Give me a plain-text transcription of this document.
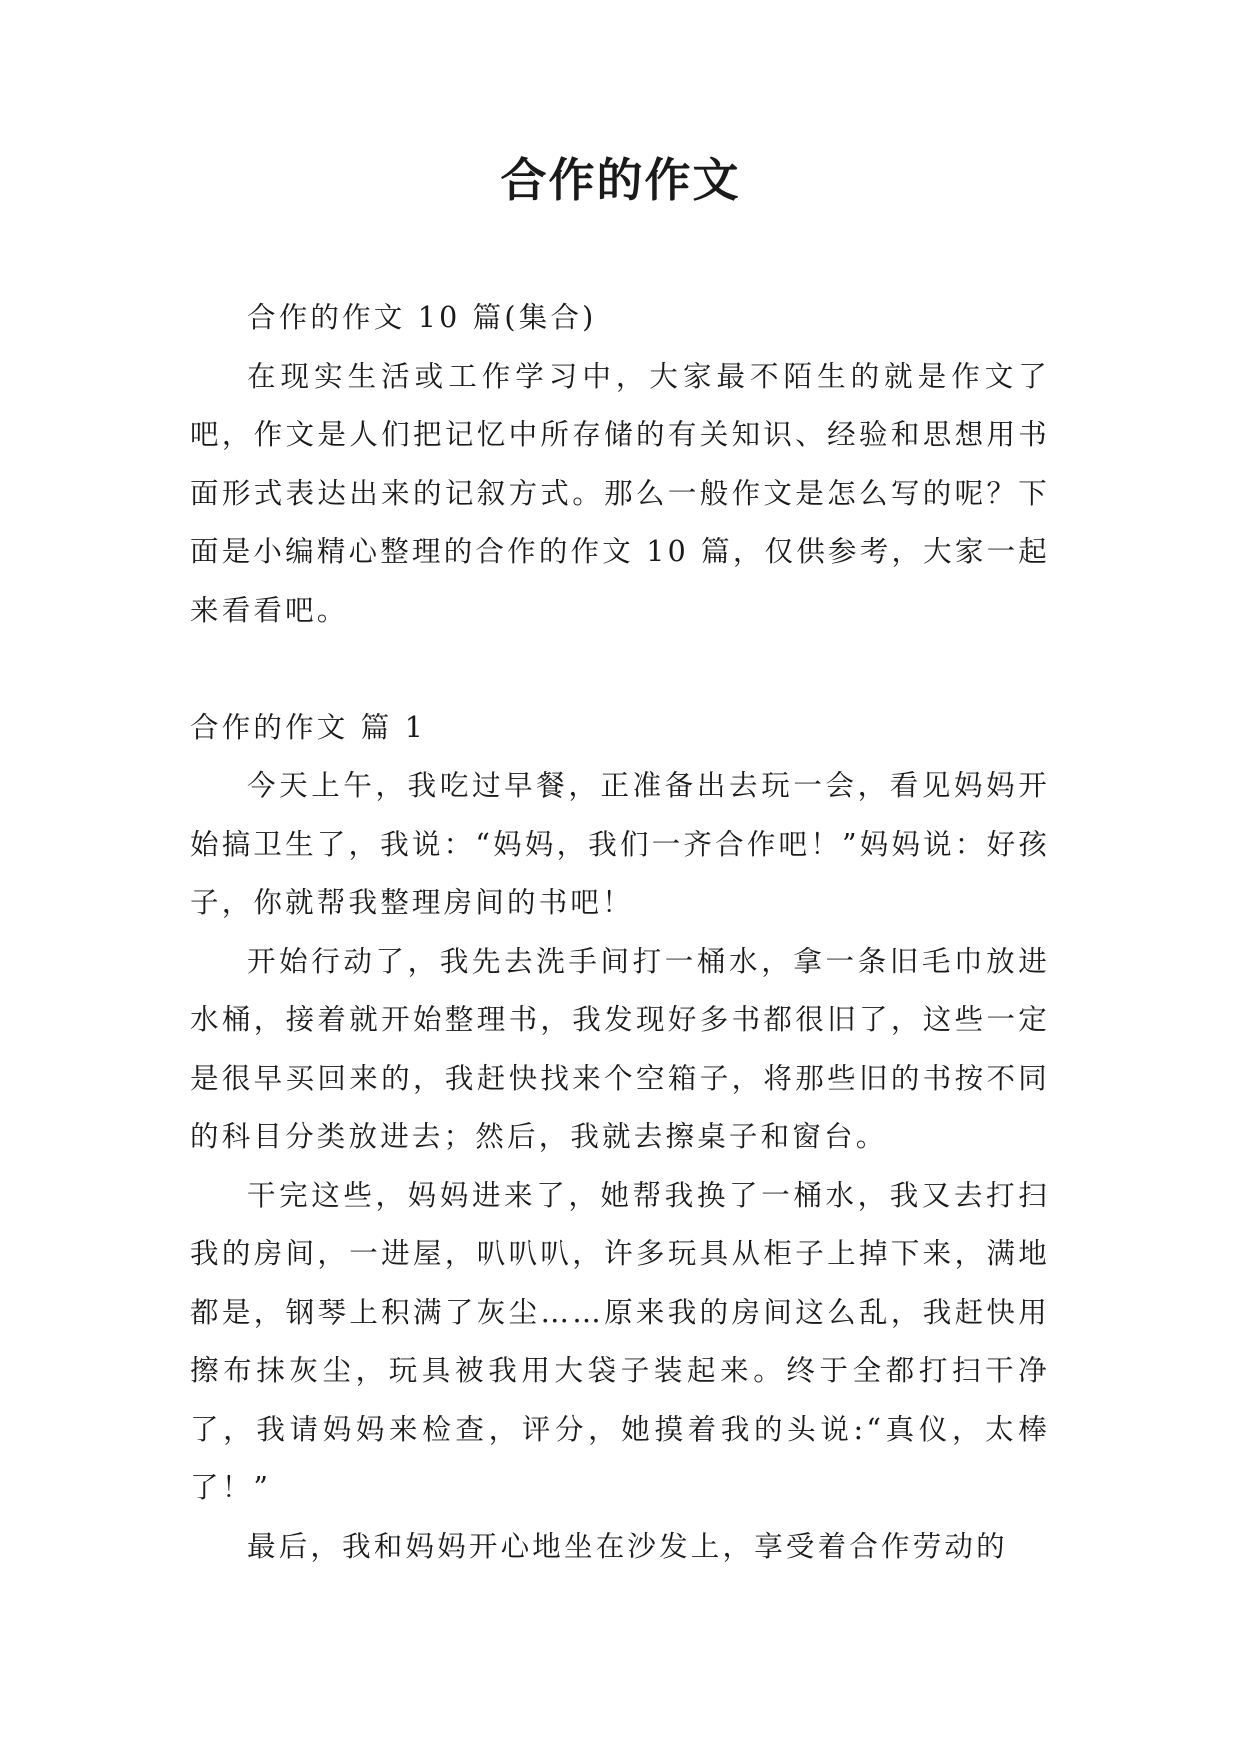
合作的作文

合作的作文 10 篇(集合)

在现实生活或工作学习中，大家最不陌生的就是作文了吧，作文是人们把记忆中所存储的有关知识、经验和思想用书面形式表达出来的记叙方式。那么一般作文是怎么写的呢？下面是小编精心整理的合作的作文 10 篇，仅供参考，大家一起来看看吧。

合作的作文 篇 1

今天上午，我吃过早餐，正准备出去玩一会，看见妈妈开始搞卫生了，我说：“妈妈，我们一齐合作吧！”妈妈说：好孩子，你就帮我整理房间的书吧！

开始行动了，我先去洗手间打一桶水，拿一条旧毛巾放进水桶，接着就开始整理书，我发现好多书都很旧了，这些一定是很早买回来的，我赶快找来个空箱子，将那些旧的书按不同的科目分类放进去；然后，我就去擦桌子和窗台。

干完这些，妈妈进来了，她帮我换了一桶水，我又去打扫我的房间，一进屋，叭叭叭，许多玩具从柜子上掉下来，满地都是，钢琴上积满了灰尘……原来我的房间这么乱，我赶快用擦布抹灰尘，玩具被我用大袋子装起来。终于全都打扫干净了，我请妈妈来检查，评分，她摸着我的头说:“真仪，太棒了！”

最后，我和妈妈开心地坐在沙发上，享受着合作劳动的
